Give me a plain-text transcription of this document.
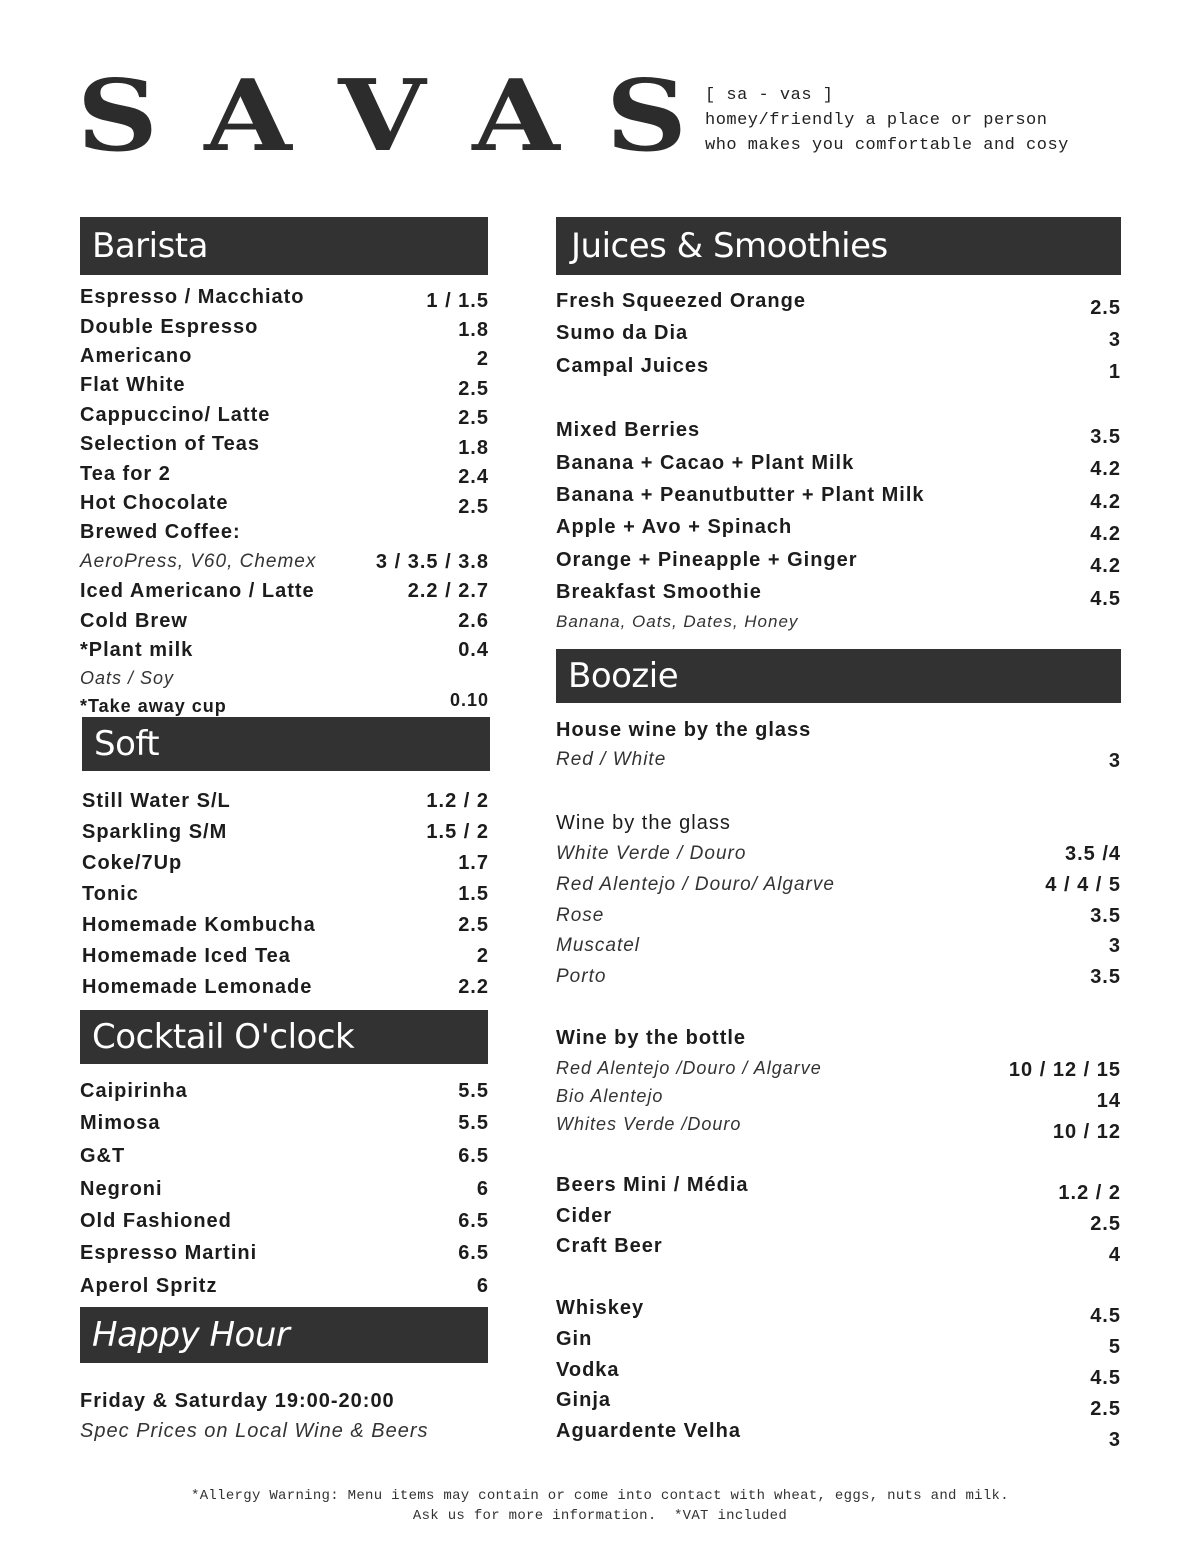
S A V A S [ sa - vas ]
homey/friendly a place or person
who makes you comfortable and cosy
Barista
Espresso / Macchiato	1 / 1.5
Double Espresso	1.8
Americano	2
Flat White	2.5
Cappuccino/ Latte	2.5
Selection of Teas	1.8
Tea for 2	2.4
Hot Chocolate	2.5
Brewed Coffee:
AeroPress, V60, Chemex	3 / 3.5 / 3.8
Iced Americano / Latte	2.2 / 2.7
Cold Brew	2.6
*Plant milk	0.4
Oats / Soy
*Take away cup	0.10
Soft
Still Water S/L	1.2 / 2
Sparkling S/M	1.5 / 2
Coke/7Up	1.7
Tonic	1.5
Homemade Kombucha	2.5
Homemade Iced Tea	2
Homemade Lemonade	2.2
Cocktail O'clock
Caipirinha	5.5
Mimosa	5.5
G&T	6.5
Negroni	6
Old Fashioned	6.5
Espresso Martini	6.5
Aperol Spritz	6
Happy Hour
Friday & Saturday 19:00-20:00
Spec Prices on Local Wine & Beers
Juices & Smoothies
Fresh Squeezed Orange	2.5
Sumo da Dia	3
Campal Juices	1
Mixed Berries	3.5
Banana + Cacao + Plant Milk	4.2
Banana + Peanutbutter + Plant Milk	4.2
Apple + Avo + Spinach	4.2
Orange + Pineapple + Ginger	4.2
Breakfast Smoothie	4.5
Banana, Oats, Dates, Honey
Boozie
House wine by the glass
Red / White	3
Wine by the glass
White Verde / Douro	3.5 /4
Red Alentejo / Douro/ Algarve	4 / 4 / 5
Rose	3.5
Muscatel	3
Porto	3.5
Wine by the bottle
Red Alentejo /Douro / Algarve	10 / 12 / 15
Bio Alentejo	14
Whites Verde /Douro	10 / 12
Beers Mini / Média	1.2 / 2
Cider	2.5
Craft Beer	4
Whiskey	4.5
Gin	5
Vodka	4.5
Ginja	2.5
Aguardente Velha	3
*Allergy Warning: Menu items may contain or come into contact with wheat, eggs, nuts and milk.
Ask us for more information.  *VAT included
